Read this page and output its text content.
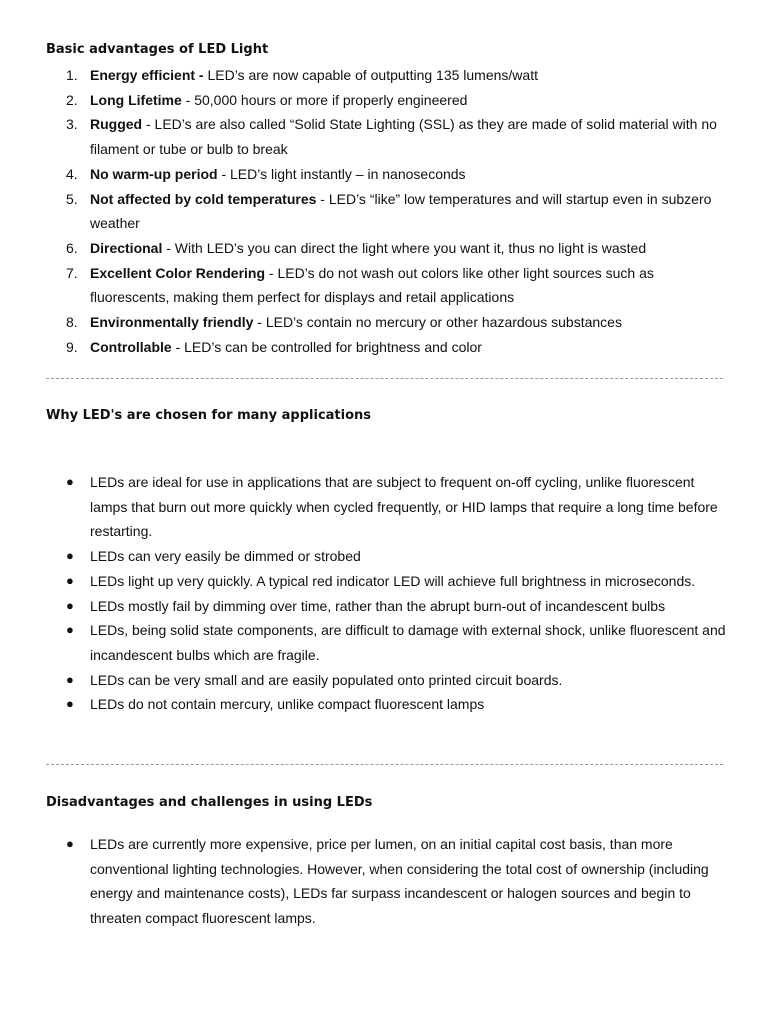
Basic advantages of LED Light
1. Energy efficient - LED’s are now capable of outputting 135 lumens/watt
2. Long Lifetime - 50,000 hours or more if properly engineered
3. Rugged - LED’s are also called “Solid State Lighting (SSL) as they are made of solid material with no filament or tube or bulb to break
4. No warm-up period - LED’s light instantly – in nanoseconds
5. Not affected by cold temperatures - LED’s “like” low temperatures and will startup even in subzero weather
6. Directional - With LED’s you can direct the light where you want it, thus no light is wasted
7. Excellent Color Rendering - LED’s do not wash out colors like other light sources such as fluorescents, making them perfect for displays and retail applications
8. Environmentally friendly - LED’s contain no mercury or other hazardous substances
9. Controllable - LED’s can be controlled for brightness and color
Why LED's are chosen for many applications
● LEDs are ideal for use in applications that are subject to frequent on-off cycling, unlike fluorescent lamps that burn out more quickly when cycled frequently, or HID lamps that require a long time before restarting.
● LEDs can very easily be dimmed or strobed
● LEDs light up very quickly. A typical red indicator LED will achieve full brightness in microseconds.
● LEDs mostly fail by dimming over time, rather than the abrupt burn-out of incandescent bulbs
● LEDs, being solid state components, are difficult to damage with external shock, unlike fluorescent and incandescent bulbs which are fragile.
● LEDs can be very small and are easily populated onto printed circuit boards.
● LEDs do not contain mercury, unlike compact fluorescent lamps
Disadvantages and challenges in using LEDs
● LEDs are currently more expensive, price per lumen, on an initial capital cost basis, than more conventional lighting technologies. However, when considering the total cost of ownership (including energy and maintenance costs), LEDs far surpass incandescent or halogen sources and begin to threaten compact fluorescent lamps.
